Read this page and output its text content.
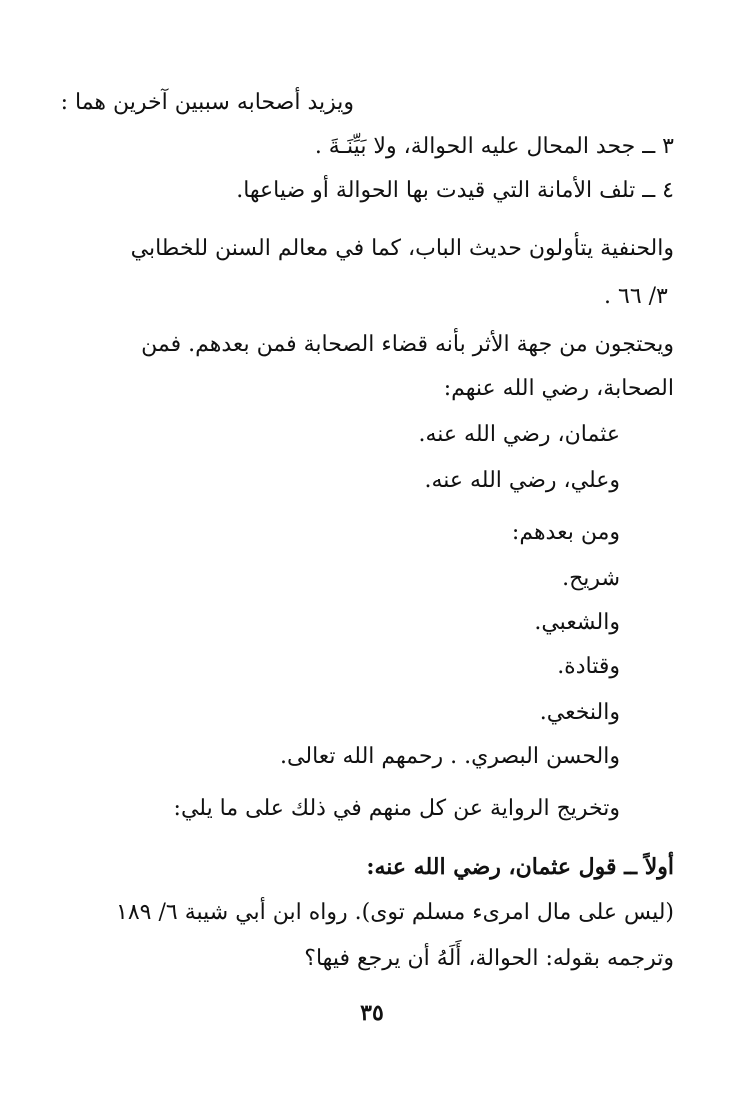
ويزيد أصحابه سببين آخرين هما :
٣ ــ جحد المحال عليه الحوالة، ولا بَيِّنَـةَ .
٤ ــ تلف الأمانة التي قيدت بها الحوالة أو ضياعها.
والحنفية يتأولون حديث الباب، كما في معالم السنن للخطابي
٣/ ٦٦ .
ويحتجون من جهة الأثر بأنه قضاء الصحابة فمن بعدهم. فمن
الصحابة، رضي الله عنهم:
عثمان، رضي الله عنه.
وعلي، رضي الله عنه.
ومن بعدهم:
شريح.
والشعبي.
وقتادة.
والنخعي.
والحسن البصري. . رحمهم الله تعالى.
وتخريج الرواية عن كل منهم في ذلك على ما يلي:
أولاً ــ قول عثمان، رضي الله عنه:
(ليس على مال امرىء مسلم توى). رواه ابن أبي شيبة ٦/ ١٨٩
وترجمه بقوله: الحوالة، أَلَهُ أن يرجع فيها؟
٣٥
